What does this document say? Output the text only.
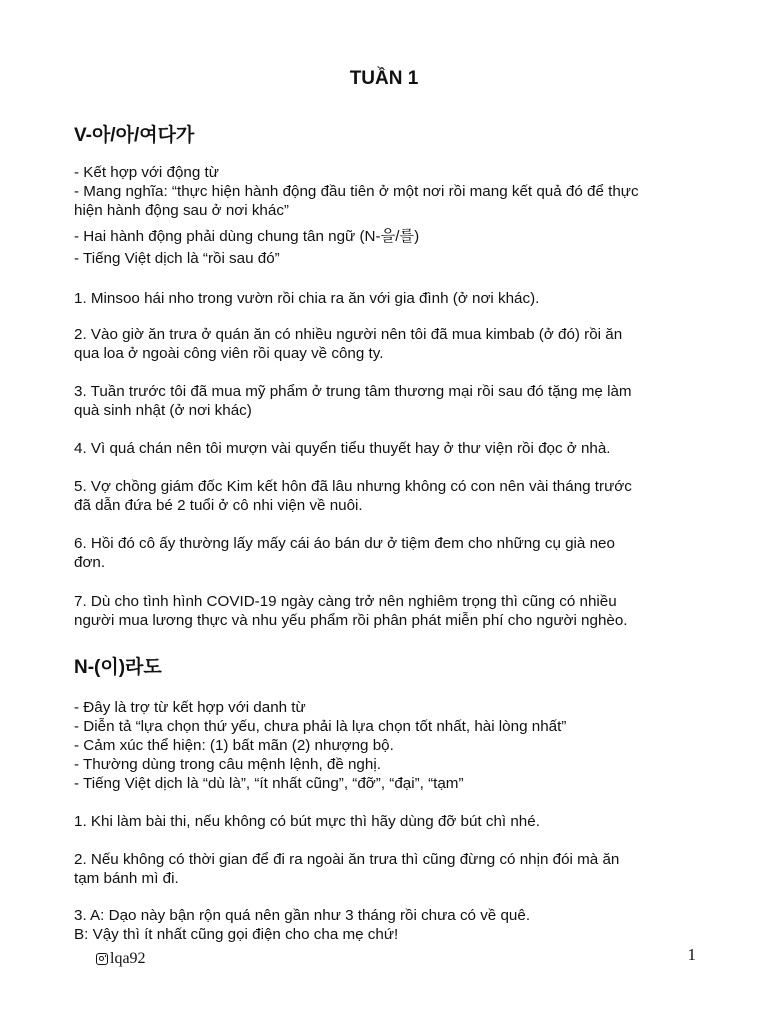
TUẦN 1
V-아/아/여다가
- Kết hợp với động từ
- Mang nghĩa: “thực hiện hành động đầu tiên ở một nơi rồi mang kết quả đó để thực
hiện hành động sau ở nơi khác”
- Hai hành động phải dùng chung tân ngữ (N-을/를)
- Tiếng Việt dịch là “rồi sau đó”
1. Minsoo hái nho trong vườn rồi chia ra ăn với gia đình (ở nơi khác).
2. Vào giờ ăn trưa ở quán ăn có nhiều người nên tôi đã mua kimbab (ở đó) rồi ăn
qua loa ở ngoài công viên rồi quay về công ty.
3. Tuần trước tôi đã mua mỹ phẩm ở trung tâm thương mại rồi sau đó tặng mẹ làm
quà sinh nhật (ở nơi khác)
4. Vì quá chán nên tôi mượn vài quyển tiểu thuyết hay ở thư viện rồi đọc ở nhà.
5. Vợ chồng giám đốc Kim kết hôn đã lâu nhưng không có con nên vài tháng trước
đã dẫn đứa bé 2 tuổi ở cô nhi viện về nuôi.
6. Hồi đó cô ấy thường lấy mấy cái áo bán dư ở tiệm đem cho những cụ già neo
đơn.
7. Dù cho tình hình COVID-19 ngày càng trở nên nghiêm trọng thì cũng có nhiều
người mua lương thực và nhu yếu phẩm rồi phân phát miễn phí cho người nghèo.
N-(이)라도
- Đây là trợ từ kết hợp với danh từ
- Diễn tả “lựa chọn thứ yếu, chưa phải là lựa chọn tốt nhất, hài lòng nhất”
- Cảm xúc thể hiện: (1) bất mãn (2) nhượng bộ.
- Thường dùng trong câu mệnh lệnh, đề nghị.
- Tiếng Việt dịch là “dù là”, “ít nhất cũng”, “đỡ”, “đại”, “tạm”
1. Khi làm bài thi, nếu không có bút mực thì hãy dùng đỡ bút chì nhé.
2. Nếu không có thời gian để đi ra ngoài ăn trưa thì cũng đừng có nhịn đói mà ăn
tạm bánh mì đi.
3. A: Dạo này bận rộn quá nên gần như 3 tháng rồi chưa có về quê.
B: Vậy thì ít nhất cũng gọi điện cho cha mẹ chứ!
lqa92	1
